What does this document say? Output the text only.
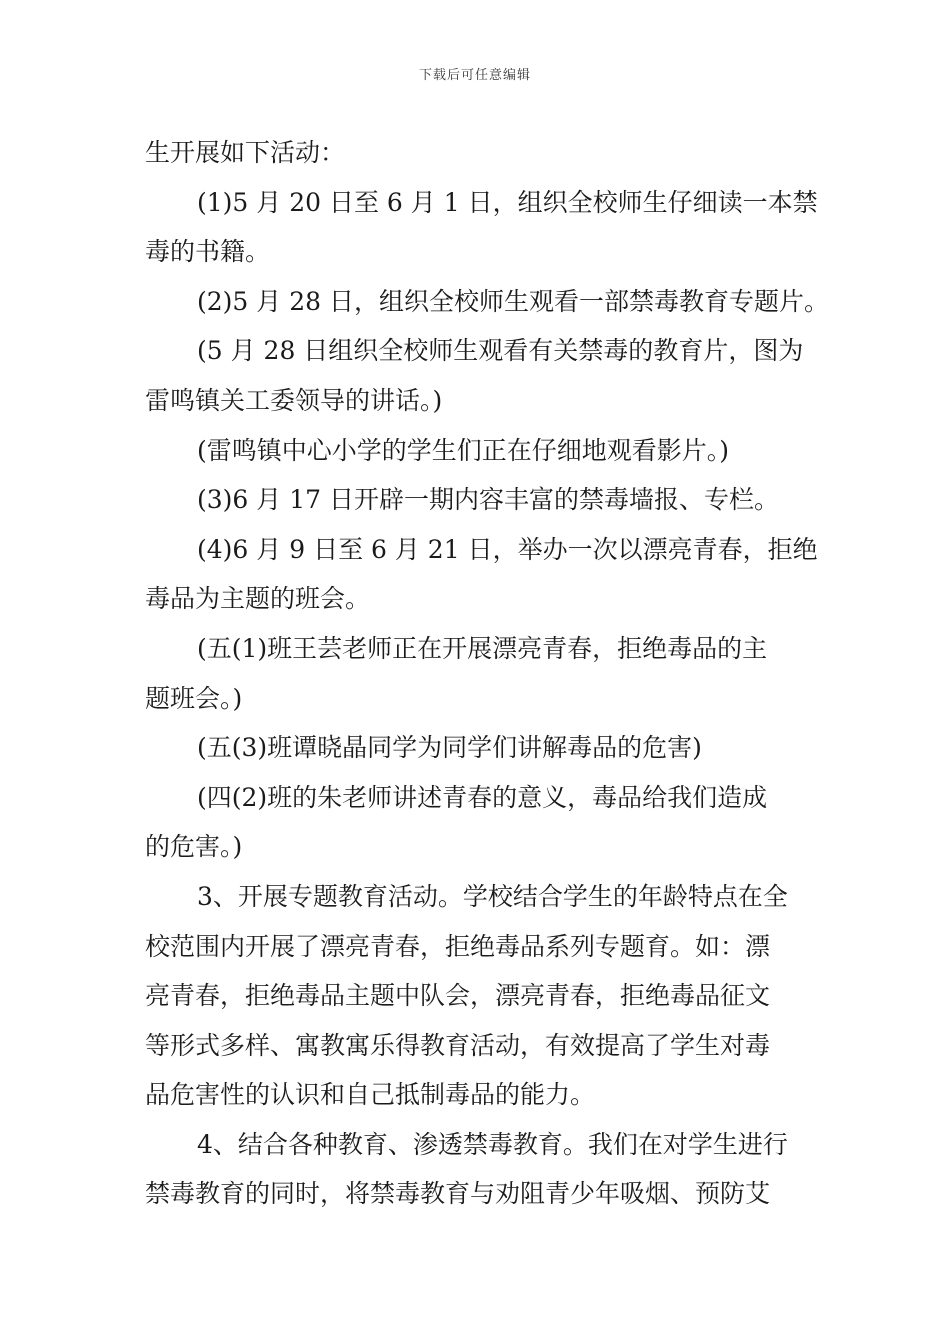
下载后可任意编辑
生开展如下活动：
(1)5 月 20 日至 6 月 1 日，组织全校师生仔细读一本禁
毒的书籍。
(2)5 月 28 日，组织全校师生观看一部禁毒教育专题片。
(5 月 28 日组织全校师生观看有关禁毒的教育片，图为
雷鸣镇关工委领导的讲话。)
(雷鸣镇中心小学的学生们正在仔细地观看影片。)
(3)6 月 17 日开辟一期内容丰富的禁毒墙报、专栏。
(4)6 月 9 日至 6 月 21 日，举办一次以漂亮青春，拒绝
毒品为主题的班会。
(五(1)班王芸老师正在开展漂亮青春，拒绝毒品的主
题班会。)
(五(3)班谭晓晶同学为同学们讲解毒品的危害)
(四(2)班的朱老师讲述青春的意义，毒品给我们造成
的危害。)
3、开展专题教育活动。学校结合学生的年龄特点在全
校范围内开展了漂亮青春，拒绝毒品系列专题育。如：漂
亮青春，拒绝毒品主题中队会，漂亮青春，拒绝毒品征文
等形式多样、寓教寓乐得教育活动，有效提高了学生对毒
品危害性的认识和自己抵制毒品的能力。
4、结合各种教育、渗透禁毒教育。我们在对学生进行
禁毒教育的同时，将禁毒教育与劝阻青少年吸烟、预防艾
